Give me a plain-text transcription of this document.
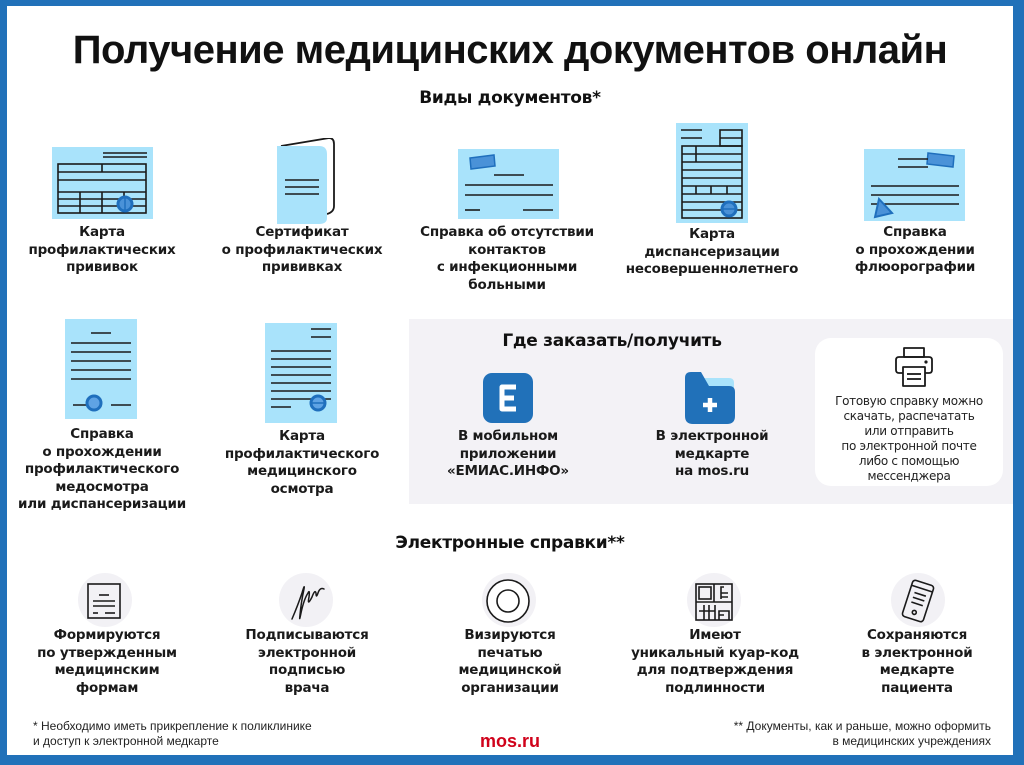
Получение медицинских документов онлайн
Виды документов*
Карта
профилактических
прививок
Сертификат
о профилактических
прививках
Справка об отсутствии
контактов
с инфекционными
больными
Карта
диспансеризации
несовершеннолетнего
Справка
о прохождении
флюорографии
Справка
о прохождении
профилактического
медосмотра
или диспансеризации
Карта
профилактического
медицинского
осмотра
Где заказать/получить
В мобильном
приложении
«ЕМИАС.ИНФО»
В электронной
медкарте
на mos.ru
Готовую справку можно
скачать, распечатать
или отправить
по электронной почте
либо с помощью
мессенджера
Электронные справки**
Формируются
по утвержденным
медицинским
формам
Подписываются
электронной
подписью
врача
Визируются
печатью
медицинской
организации
Имеют
уникальный куар-код
для подтверждения
подлинности
Сохраняются
в электронной
медкарте
пациента
* Необходимо иметь прикрепление к поликлинике
и доступ к электронной медкарте	mos.ru
** Документы, как и раньше, можно оформить
в медицинских учреждениях
